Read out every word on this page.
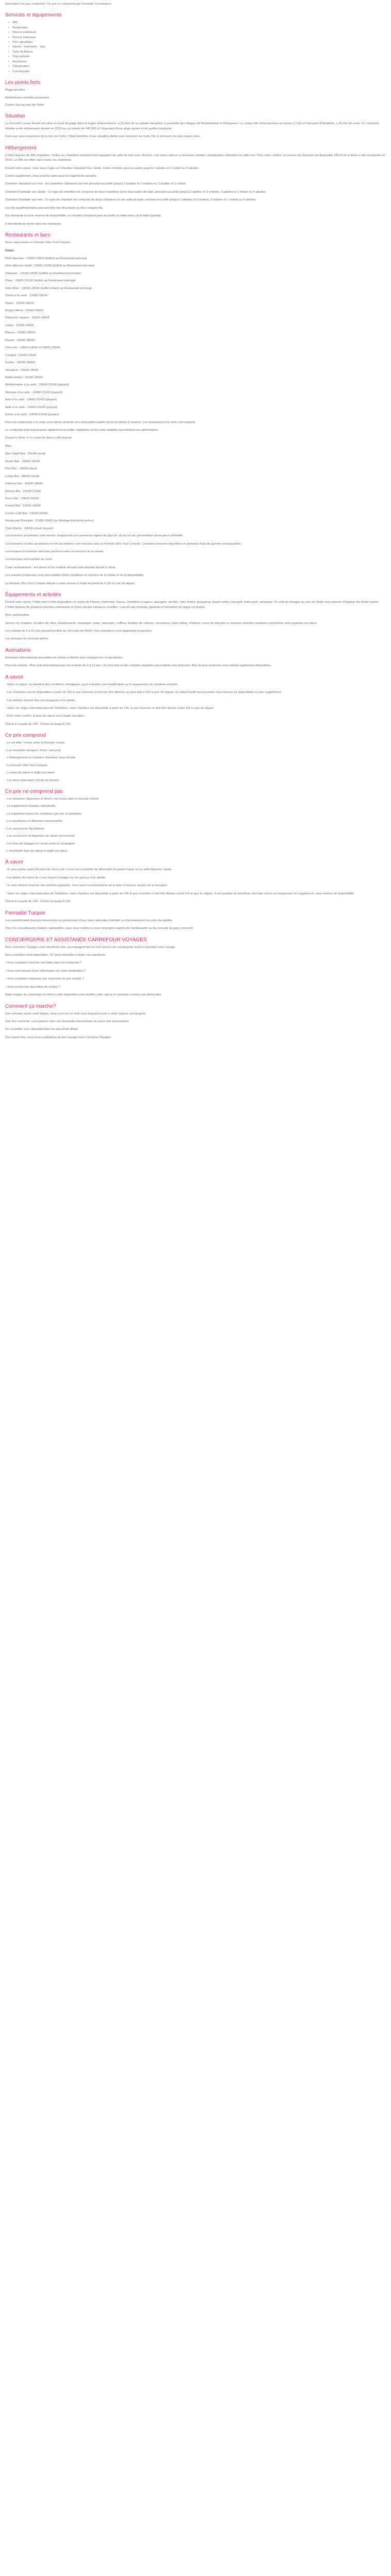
Description Ce prix comprend / Ce prix ne comprend pas Formalité Conciergerie

Services et équipements
• Wifi
• Restaurant
• Piscine extérieure
• Piscine intérieure
• Parc aquatique
• Sauna - Hammam - Spa
• Salle de fitness
• Club enfants
• Ascenseur
• Climatisation
• Conciergerie
Les points forts

Plage privative

Nombreuses activités proposées

Centre Spa au sein de l'hôtel

Situation

Le Grecotel Luxury Resort est situé en bord de plage dans la région d'Hersonissos, à 25 kms de la capitale Héraklion, à proximité des villages de Koutouloufari et Piskopiano. Le centre-ville d'Hersonissos se trouve à 2 km et l'aéroport d'Héraklion, à 25 min de route. Ce complexe hôtelier a été entièrement rénové en 2019 sur un terrain de 140 000 m² disposant d'une plage privée et de jardins luxuriants.

Face aux eaux turquoises de la mer de Crète, l'hôtel bénéficie d'une situation idéale pour rayonner sur toute l'île et découvrir les plus beaux sites.

Hébergement

L'hôtel dispose de 396 chambres. Toutes les chambres standard sont équipées de salle de bain avec douche, coin salon, balcon ou terrasse, minibar, climatisation, télévision et coffre-fort. Pour votre confort, un service de chambre est disponible 24h/24 et la literie a été renouvelée en 2019. Le Wifi est offert dans toutes les chambres.

Durant votre séjour, vous serez logés en Chambre Standard Vue Jardin. Cette chambre peut accueillir jusqu'à 2 adultes et 1 enfant ou 3 adultes.

Contre supplément, vous pourrez opter pour les logements suivants :

Chambre Standard vue mer : les chambres Standard vue mer peuvent accueillir jusqu'à 2 adultes et 2 enfants ou 3 adultes et 1 enfant.

Chambre Familiale vue Jardin : Ce type de chambre est composé de deux chambres avec deux salles de bain, pouvant accueillir jusqu'à 2 adultes et 2 enfants, 3 adultes et 1 enfant ou 4 adultes.

Chambre Familiale vue mer : Ce type de chambre est composé de deux chambres et une salle de bain, pouvant accueillir jusqu'à 2 adultes et 2 enfants, 3 adultes et 1 enfant ou 4 adultes.

Les lits supplémentaires peuvent être des lits pliants ou des canapés-lits.

Sur demande et sous réserve de disponibilité, la chambre Standard peut accueillir un bébé dans un lit bébé (gratuit).

Il est interdit de fumer dans les chambres.

Restaurants et bars

Nous séjournerez en formule Ultra Tout Compris :

Détail :

Petit déjeuner : 07h00-10h00 (buffet) au Restaurant principal

Petit déjeuner tardif : 10h00-11h00 (buffet) au Restaurant principal

Déjeuner : 12h30-14h00 (buffet) au Restaurant principal

Dîner : 19h00-21h30 (buffet) au Restaurant principal

Kids Diner : 18h30-19h30 (buffet enfant) au Restaurant principal

Snack à la carte : 12h00-15h00

Snack : 12h00-18h00

Burger Menu : 19h00-23h00

Pâtisserie maison : 15h00-18h00

Lobby : 10h00-24h00

Glaces : 12h00-18h00

Pizzas : 12h00-18h00

Olive bar : 13h00-14h00 et 20h00-23h00

Cocktail : 19h00-23h00

Goûter : 16h00-18h00

Héraklion : 13h00-18h00

Buffet enfant : 11h00-18h00

Méditerranée à la carte : 19h00-21h00 (payant)

Mexique à la carte : 19h00-21h00 (payant)

Asie à la carte : 19h00-21h00 (payant)

Italie à la carte : 19h00-21h00 (payant)

Grèce à la carte : 19h00-21h00 (payant)

Pour les restaurants à la carte vous devez réserver une réservation auprès de la réception à l'avance. Les restaurants à la carte sont payants.

Le restaurant principal propose également un buffet végétarien et des plats adaptés aux intolérances alimentaires.

Durant le dîner, il n'y a pas de dress code imposé.

Bars :

Main Night Bar : 10h00-minuit

Beach Bar : 10h00-19h00

Pool Bar : 10h00-minuit

Lobby Bar : 08h00-minuit

Hibiscus Bar : 10h00-18h00

Artrium Bar : 10h00-23h00

Disco Bar : 23h00-02h00

Sunset Bar : 10h00-19h00

Corner Café Bar : 23h00-00h00

Restaurant Principal : 07h00-10h00 (au Mariage fractionné prévu)

Club Shisha : 18h00-minuit (payant)

Les boissons alcoolisées sont servies uniquement aux personnes âgées de plus de 18 ans et sur présentation d'une pièce d'identité.

Les boissons locales alcoolisées et non alcoolisées sont incluses dans la formule Ultra Tout Compris. Certaines boissons importées et spiritueux haut de gamme sont payantes.

Les horaires d'ouverture des bars peuvent varier en fonction de la saison.

Les boissons sont servies au verre.

Code vestimentaire : les shorts et les maillots de bain sont interdits durant le dîner.

Les activités proposées sont susceptibles d'être modifiées en fonction de la météo et de la disponibilité.

La formule Ultra Tout Compris débute à votre arrivée à l'hôtel et prend fin à 12h le jour du départ.

Équipements et activités

Durant votre séjour, l'hôtel met à votre disposition un centre de Fitness, hammam, Sauna, chambres à vapeur, aquagym, aérobic, vélo, tennis, ping-pong, beach-volley, mini-golf, water-polo, pétanque. Un club de plongée au sein de l'hôtel vous permet d'explorer les fonds marins. L'hôtel dispose de plusieurs piscines extérieures et d'une piscine intérieure chauffée. L'accès aux transats, parasols et serviettes de plage est gratuit.

Avec participation :

Service de chambre, location de vélos, blanchisserie, massages, soins, hammam, coiffeur, location de voitures, excursions, baby-sitting, médecin, cours de plongée et certaines activités nautiques motorisées sont payantes sur place.

Les enfants de 4 à 12 ans peuvent profiter du mini-club de l'hôtel. Des animations sont également proposées.

Les animaux ne sont pas admis.

Animations

Animation internationale journalière et soirées à thème avec musique live et spectacles.

Pour les enfants : Mini-club international pour les enfants de 4 à 12 ans. Un mini-club et des activités adaptées aux enfants sont proposés. Aire de jeux et piscine pour enfants également disponibles.

A savoir

- Selon le séjour, un transfert des conditions climatiques, peut entraîner une modification ou la suppression de certaines activités.

- Les chambres seront disponibles à partir de 15h le jour d'arrivée et devront être libérées au plus tard à 12h le jour de départ. Un départ tardif sera possible sous réserve de disponibilité et avec supplément.

- Les enfants doivent être accompagnés d'un adulte.

- Selon les règles internationales de l'hôtellerie, votre chambre est disponible à partir de 14h, le jour d'arrivée et doit être libérée avant 12h le jour du départ.

- Pour votre confort, la taxe de séjour est à régler sur place.

Check-in à partir de 14h - Check-out jusqu'à 12h.

Ce prix comprend

- Le vol aller / retour selon la formule choisie

- Les transferts aéroport / hôtel / aéroport

- L'hébergement en chambre Standard, base double

- La formule Ultra Tout Compris

- La taxe de séjour à régler sur place

- Les taxes d'aéroport et frais de dossier

Ce prix ne comprend pas

- Les boissons, déjeuners et dîners non inclus dans la formule choisie

- Le supplément chambre individuelle

- Le supplément pour les chambres vue mer et familiales

- Les pourboires et dépenses personnelles

- Les assurances facultatives

- Les excursions et dépenses de nature personnelle

- Les frais de bagages en soute selon la compagnie

- L'éventuelle taxe de séjour à régler sur place

A savoir

- Si vous partez avant l'horaire de check-out, il vous sera possible de demander un panier-repas ou un petit-déjeuner rapide.

- Les bébés de moins de 2 ans doivent voyager sur les genoux d'un adulte.

- Si vous désirez réserver des activités payantes, nous vous recommandons de le faire à l'avance auprès de la réception.

- Selon les règles internationales de l'hôtellerie, votre chambre est disponible à partir de 14h le jour d'arrivée et doit être libérée avant 12h le jour du départ. Il est possible de bénéficier d'un late check-out moyennant un supplément, sous réserve de disponibilité.

Check-in à partir de 14h - Check-out jusqu'à 12h

Formalité Turquie

Les ressortissants français doivent être en possession d'une carte nationale d'identité ou d'un passeport en cours de validité.

Pour les ressortissants d'autres nationalités, nous vous invitons à vous renseigner auprès de l'ambassade ou du consulat du pays concerné.

CONCIERGERIE ET ASSISTANCE CARREFOUR VOYAGES

Avec Carrefour Voyages vous bénéficiez d'un accompagnement et d'un service de conciergerie avant et pendant votre voyage.

Nos conseillers sont disponibles 7j/7 pour répondre à toutes vos questions.

- Vous souhaitez réserver une table dans un restaurant ?

- Vous avez besoin d'une information sur votre destination ?

- Vous souhaitez organiser une excursion ou une activité ?

- Vous recherchez des idées de sorties ?

Notre équipe de concierges se tient à votre disposition pour faciliter votre séjour et répondre à toutes vos demandes.

Comment ça marche?

Une semaine avant votre départ, vous recevrez un mail vous donnant accès à votre espace conciergerie.

Une fois connecté, vous pourrez faire vos demandes directement et suivre leur avancement.

Un conseiller vous répondra dans les plus brefs délais.

Une bonne fois, nous vous souhaitons un bon voyage avec Carrefour Voyages.
